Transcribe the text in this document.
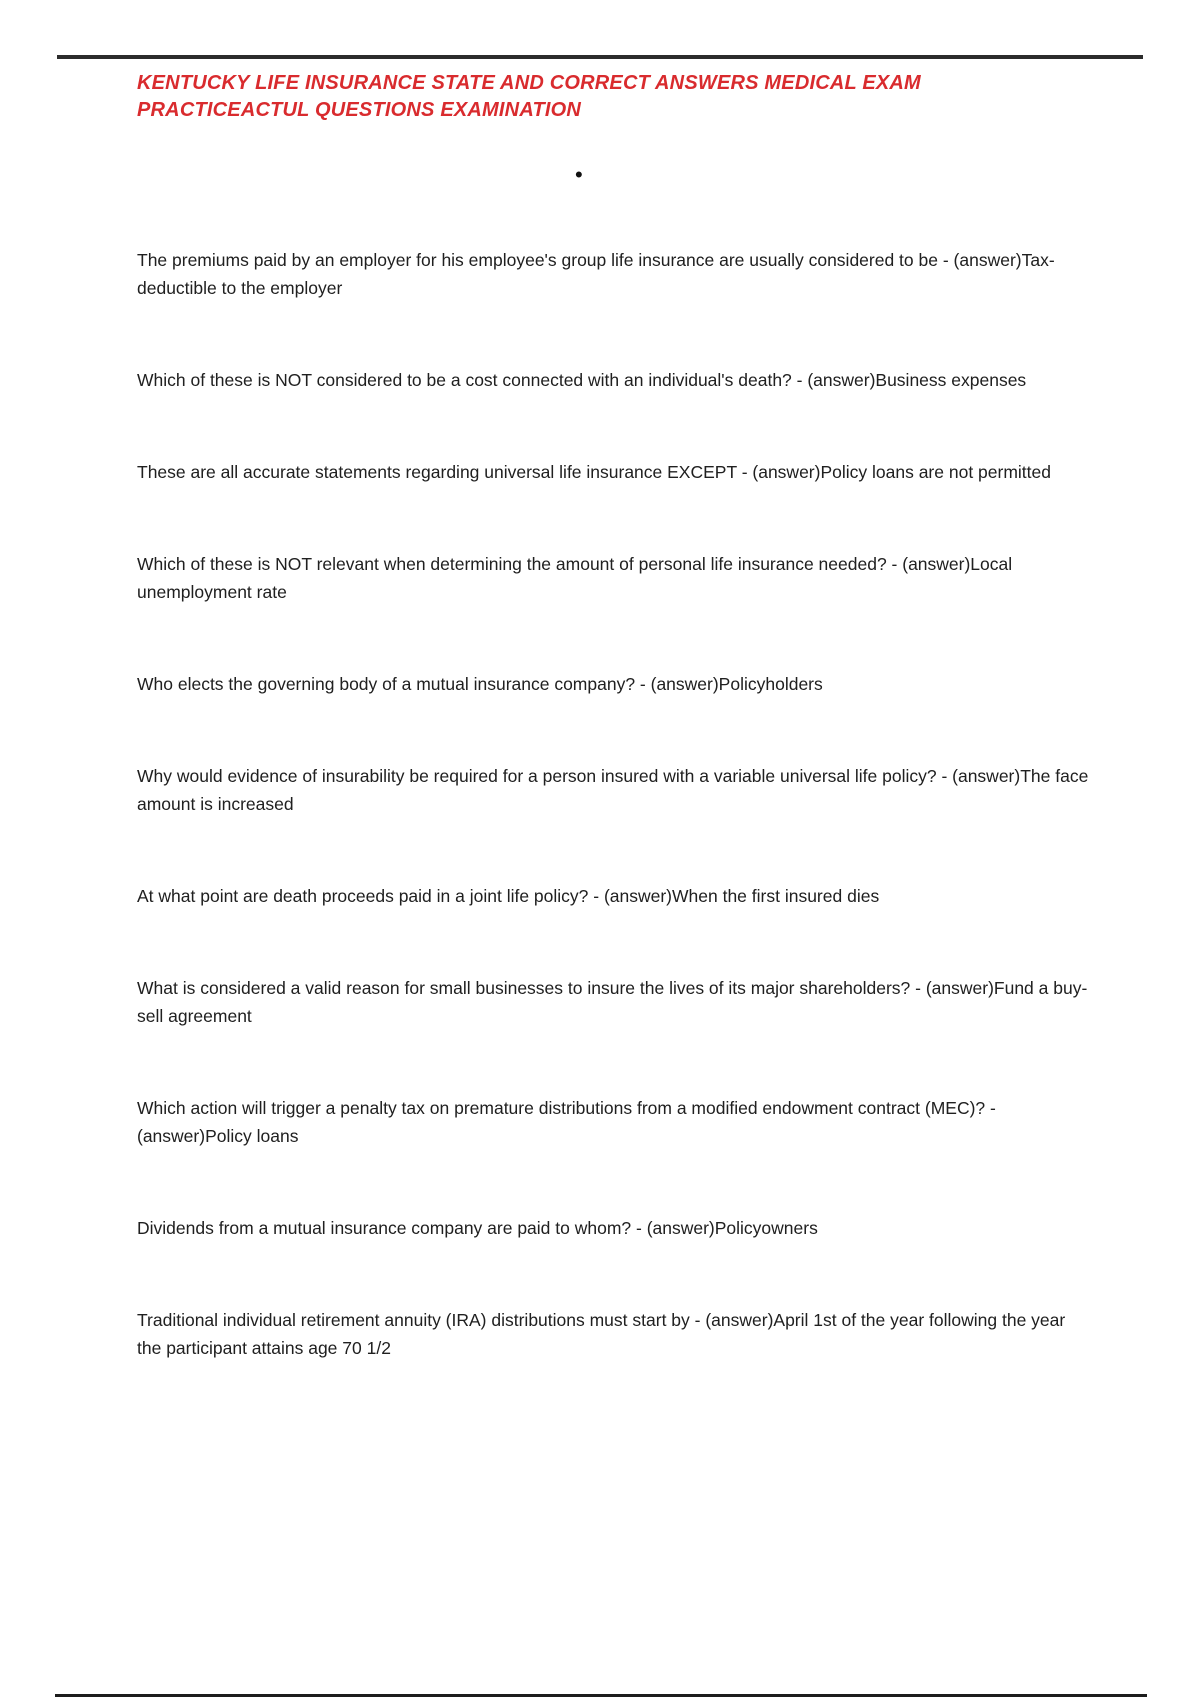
KENTUCKY LIFE INSURANCE STATE AND CORRECT ANSWERS MEDICAL EXAM PRACTICEACTUL QUESTIONS EXAMINATION
•

The premiums paid by an employer for his employee's group life insurance are usually considered to be - (answer)Tax-deductible to the employer

Which of these is NOT considered to be a cost connected with an individual's death? - (answer)Business expenses

These are all accurate statements regarding universal life insurance EXCEPT - (answer)Policy loans are not permitted

Which of these is NOT relevant when determining the amount of personal life insurance needed? - (answer)Local unemployment rate

Who elects the governing body of a mutual insurance company? - (answer)Policyholders

Why would evidence of insurability be required for a person insured with a variable universal life policy? - (answer)The face amount is increased

At what point are death proceeds paid in a joint life policy? - (answer)When the first insured dies

What is considered a valid reason for small businesses to insure the lives of its major shareholders? - (answer)Fund a buy-sell agreement

Which action will trigger a penalty tax on premature distributions from a modified endowment contract (MEC)? - (answer)Policy loans

Dividends from a mutual insurance company are paid to whom? - (answer)Policyowners

Traditional individual retirement annuity (IRA) distributions must start by - (answer)April 1st of the year following the year the participant attains age 70 1/2
